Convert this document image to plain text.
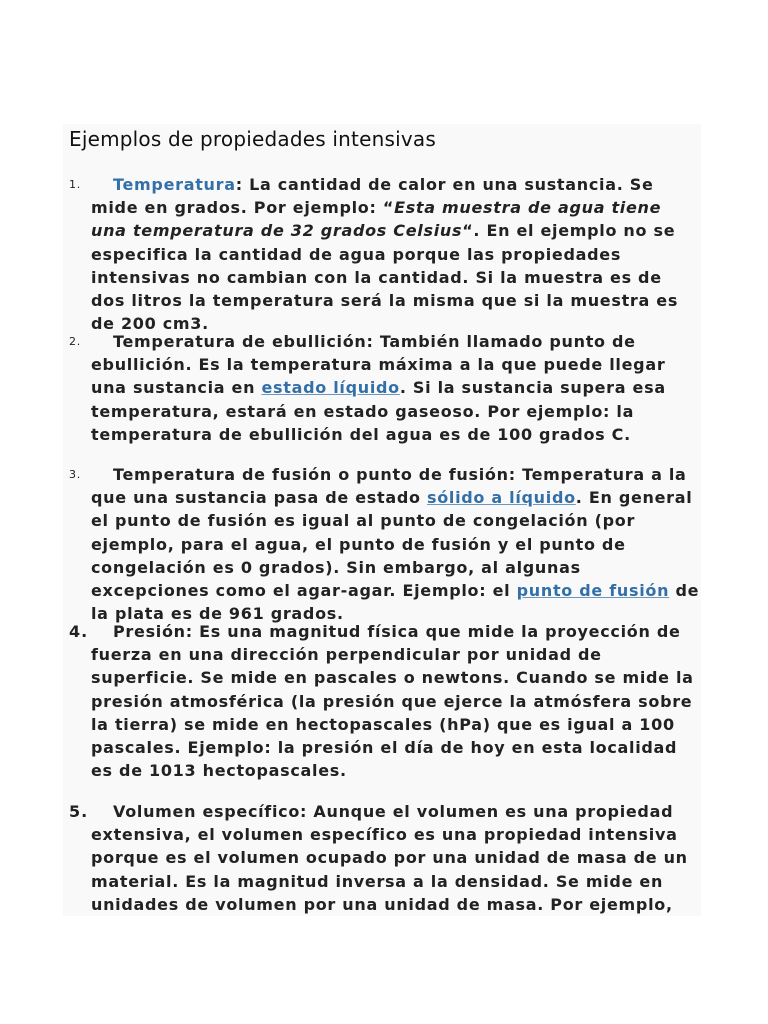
Ejemplos de propiedades intensivas
1.	Temperatura: La cantidad de calor en una sustancia. Se mide en grados. Por ejemplo: “Esta muestra de agua tiene una temperatura de 32 grados Celsius“. En el ejemplo no se especifica la cantidad de agua porque las propiedades intensivas no cambian con la cantidad. Si la muestra es de dos litros la temperatura será la misma que si la muestra es de 200 cm3.
2.	Temperatura de ebullición: También llamado punto de ebullición. Es la temperatura máxima a la que puede llegar una sustancia en estado líquido. Si la sustancia supera esa temperatura, estará en estado gaseoso. Por ejemplo: la temperatura de ebullición del agua es de 100 grados C.
3.	Temperatura de fusión o punto de fusión: Temperatura a la que una sustancia pasa de estado sólido a líquido. En general el punto de fusión es igual al punto de congelación (por ejemplo, para el agua, el punto de fusión y el punto de congelación es 0 grados). Sin embargo, al algunas excepciones como el agar-agar. Ejemplo: el punto de fusión de la plata es de 961 grados.
4.	Presión: Es una magnitud física que mide la proyección de fuerza en una dirección perpendicular por unidad de superficie. Se mide en pascales o newtons. Cuando se mide la presión atmosférica (la presión que ejerce la atmósfera sobre la tierra) se mide en hectopascales (hPa) que es igual a 100 pascales. Ejemplo: la presión el día de hoy en esta localidad es de 1013 hectopascales.
5.	Volumen específico: Aunque el volumen es una propiedad extensiva, el volumen específico es una propiedad intensiva porque es el volumen ocupado por una unidad de masa de un material. Es la magnitud inversa a la densidad. Se mide en unidades de volumen por una unidad de masa. Por ejemplo,
